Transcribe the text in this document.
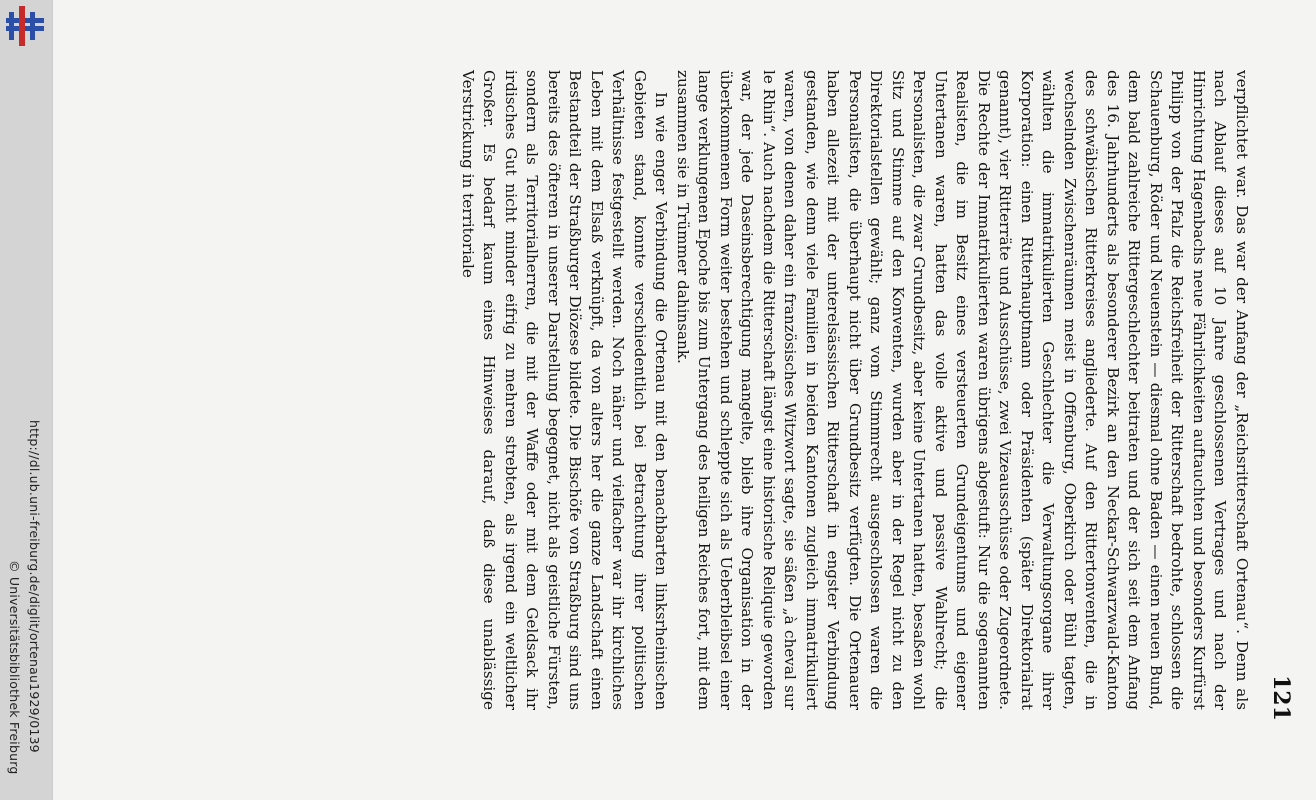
http://dl.ub.uni-freiburg.de/diglit/ortenau1929/0139
© Universitätsbibliothek Freiburg	121

verpflichtet war. Das war der Anfang der „Reichsritterschaft Ortenau“. Denn als nach Ablauf dieses auf 10 Jahre geschlossenen Vertrages und nach der Hinrichtung Hagenbachs neue Fährlichkeiten auftauchten und besonders Kurfürst Philipp von der Pfalz die Reichsfreiheit der Ritterschaft bedrohte, schlossen die Schauenburg, Röder und Neuenstein — diesmal ohne Baden — einen neuen Bund, dem bald zahlreiche Rittergeschlechter beitraten und der sich seit dem Anfang des 16. Jahrhunderts als besonderer Bezirk an den Neckar-Schwarzwald-Kanton des schwäbischen Ritterkreises angliederte. Auf den Rittertonventen, die in wechselnden Zwischenräumen meist in Offenburg, Oberkirch oder Bühl tagten, wählten die immatrikulierten Geschlechter die Verwaltungsorgane ihrer Korporation: einen Ritterhauptmann oder Präsidenten (später Direktorialrat genannt), vier Ritterräte und Ausschüsse, zwei Vizeausschüsse oder Zugeordnete. Die Rechte der Immatrikulierten waren übrigens abgestuft: Nur die sogenannten Realisten, die im Besitz eines versteuerten Grundeigentums und eigener Untertanen waren, hatten das volle aktive und passive Wahlrecht; die Personalisten, die zwar Grundbesitz, aber keine Untertanen hatten, besaßen wohl Sitz und Stimme auf den Konventen, wurden aber in der Regel nicht zu den Direktorialstellen gewählt; ganz vom Stimmrecht ausgeschlossen waren die Personalisten, die überhaupt nicht über Grundbesitz verfügten. Die Ortenauer haben allezeit mit der unterelsässischen Ritterschaft in engster Verbindung gestanden, wie denn viele Familien in beiden Kantonen zugleich immatrikuliert waren, von denen daher ein französisches Witzwort sagte, sie säßen „à cheval sur le Rhin“. Auch nachdem die Ritterschaft längst eine historische Reliquie geworden war, der jede Daseinsberechtigung mangelte, blieb ihre Organisation in der überkommenen Form weiter bestehen und schleppte sich als Ueberbleibsel einer lange verklungenen Epoche bis zum Untergang des heiligen Reiches fort, mit dem zusammen sie in Trümmer dahinsank.

In wie enger Verbindung die Ortenau mit den benachbarten linksrheinischen Gebieten stand, konnte verschiedentlich bei Betrachtung ihrer politischen Verhältnisse festgestellt werden. Noch näher und vielfacher war ihr kirchliches Leben mit dem Elsaß verknüpft, da von alters her die ganze Landschaft einen Bestandteil der Straßburger Diözese bildete. Die Bischöfe von Straßburg sind uns bereits des öfteren in unserer Darstellung begegnet, nicht als geistliche Fürsten, sondern als Territorialherren, die mit der Waffe oder mit dem Geldsack ihr irdisches Gut nicht minder eifrig zu mehren strebten, als irgend ein weltlicher Großer. Es bedarf kaum eines Hinweises darauf, daß diese unablässige Verstrickung in territoriale
